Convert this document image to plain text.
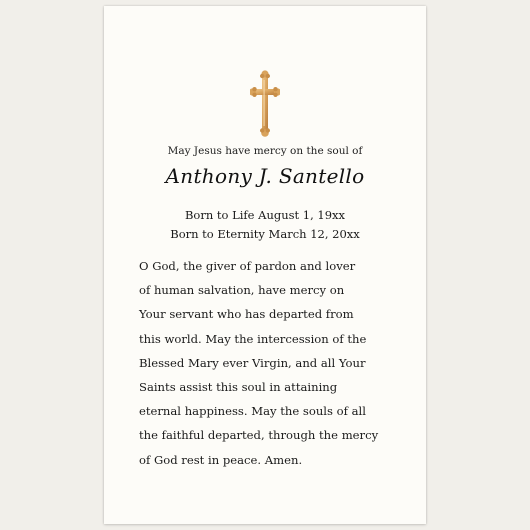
May Jesus have mercy on the soul of
Anthony J. Santello
Born to Life August 1, 19xx
Born to Eternity March 12, 20xx
O God, the giver of pardon and lover
of human salvation, have mercy on
Your servant who has departed from
this world. May the intercession of the
Blessed Mary ever Virgin, and all Your
Saints assist this soul in attaining
eternal happiness. May the souls of all
the faithful departed, through the mercy
of God rest in peace. Amen.
